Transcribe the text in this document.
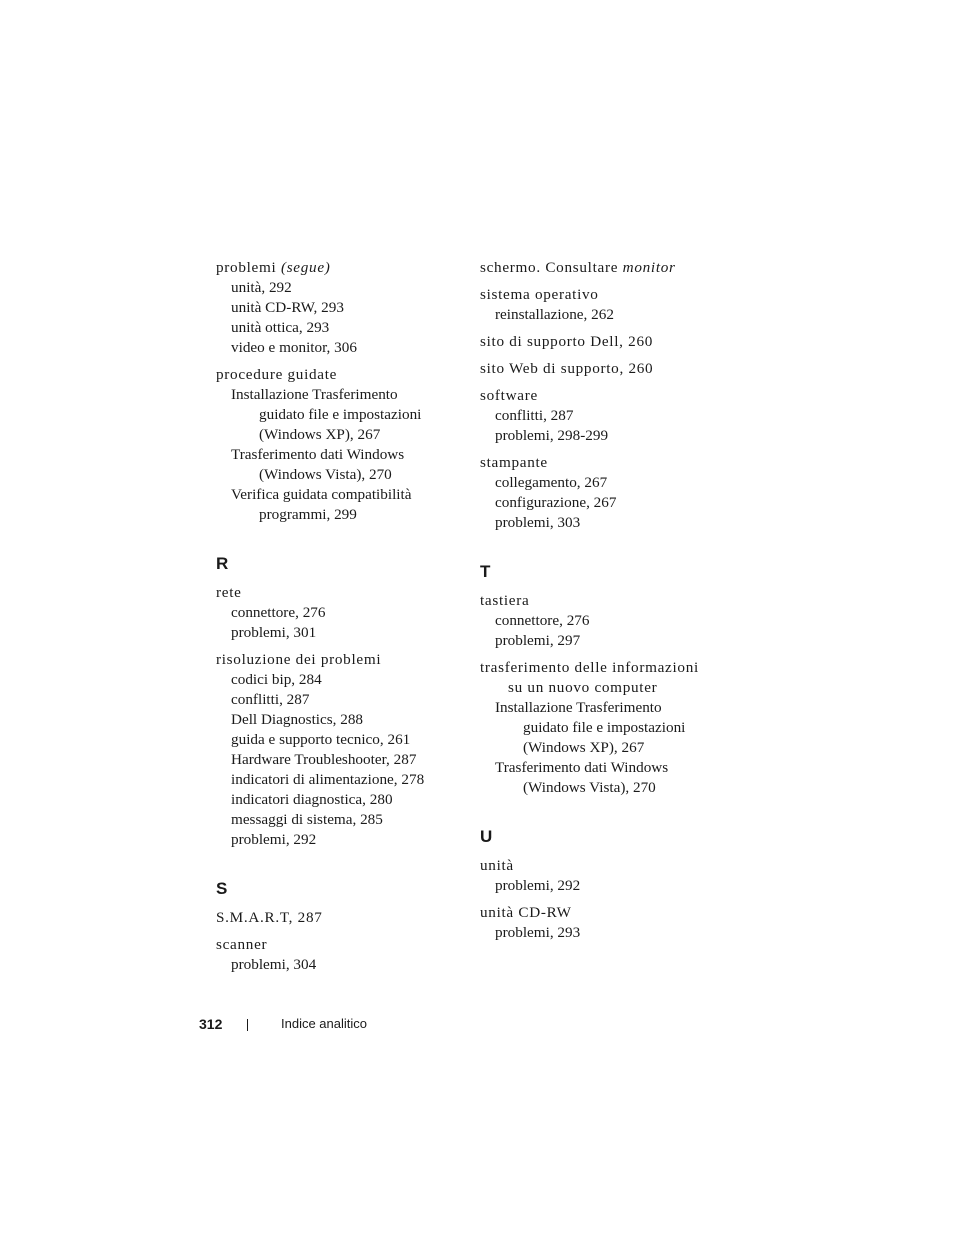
problemi (segue)
unità, 292
unità CD-RW, 293
unità ottica, 293
video e monitor, 306
procedure guidate
Installazione Trasferimento
guidato file e impostazioni
(Windows XP), 267
Trasferimento dati Windows
(Windows Vista), 270
Verifica guidata compatibilità
programmi, 299
R
rete
connettore, 276
problemi, 301
risoluzione dei problemi
codici bip, 284
conflitti, 287
Dell Diagnostics, 288
guida e supporto tecnico, 261
Hardware Troubleshooter, 287
indicatori di alimentazione, 278
indicatori diagnostica, 280
messaggi di sistema, 285
problemi, 292
S
S.M.A.R.T, 287
scanner
problemi, 304
schermo. Consultare monitor
sistema operativo
reinstallazione, 262
sito di supporto Dell, 260
sito Web di supporto, 260
software
conflitti, 287
problemi, 298-299
stampante
collegamento, 267
configurazione, 267
problemi, 303
T
tastiera
connettore, 276
problemi, 297
trasferimento delle informazioni
su un nuovo computer
Installazione Trasferimento
guidato file e impostazioni
(Windows XP), 267
Trasferimento dati Windows
(Windows Vista), 270
U
unità
problemi, 292
unità CD-RW
problemi, 293
312	Indice analitico
